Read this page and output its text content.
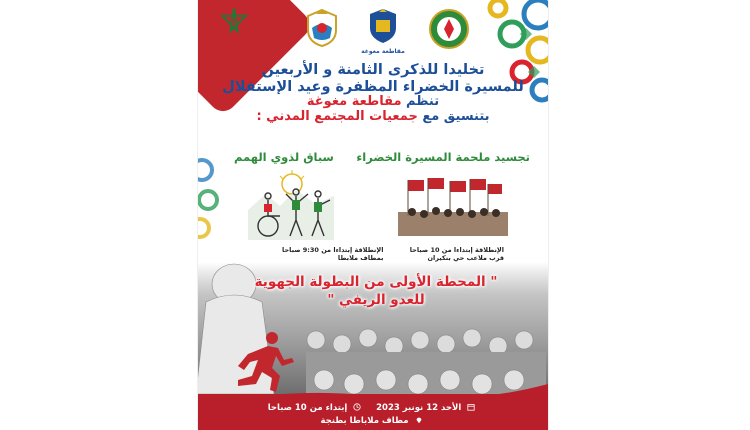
مقاطعة مغوغة
تخليدا للذكرى الثامنة و الأربعين
للمسيرة الخضراء المظفرة وعيد الإستقلال
تنظم مقاطعة مغوغة
بتنسيق مع جمعيات المجتمع المدني :
تجسيد ملحمة المسيرة الخضراء
سباق لذوي الهمم
الإنطلاقة إبتداءا من 10 صباحا
قرب ملاعب حي بنكيران
الإنطلاقة إبتداءا من 9:30 صباحا
بمطاف ملابطا
" المحطة الأولى من البطولة الجهوية
للعدو الريفي "
الأحد 12 نونبر 2023     إبتداء من 10 صباحا
مطاف ملاباطا بطنجة
